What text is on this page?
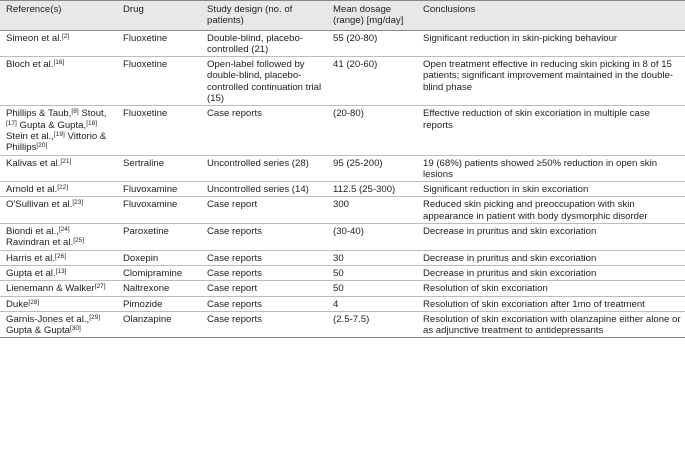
Reference(s)	Drug	Study design (no. of patients)	Mean dosage (range) [mg/day]	Conclusions
Simeon et al.[2]	Fluoxetine	Double-blind, placebo-controlled (21)	55 (20-80)	Significant reduction in skin-picking behaviour
Bloch et al.[16]	Fluoxetine	Open-label followed by double-blind, placebo-controlled continuation trial (15)	41 (20-60)	Open treatment effective in reducing skin picking in 8 of 15 patients; significant improvement maintained in the double-blind phase
Phillips & Taub,[8] Stout,[17] Gupta & Gupta,[18] Stein et al.,[19] Vittorio & Phillips[20]	Fluoxetine	Case reports	(20-80)	Effective reduction of skin excoriation in multiple case reports
Kalivas et al.[21]	Sertraline	Uncontrolled series (28)	95 (25-200)	19 (68%) patients showed ≥50% reduction in open skin lesions
Arnold et al.[22]	Fluvoxamine	Uncontrolled series (14)	112.5 (25-300)	Significant reduction in skin excoriation
O'Sullivan et al.[23]	Fluvoxamine	Case report	300	Reduced skin picking and preoccupation with skin appearance in patient with body dysmorphic disorder
Biondi et al.,[24] Ravindran et al.[25]	Paroxetine	Case reports	(30-40)	Decrease in pruritus and skin excoriation
Harris et al.[26]	Doxepin	Case reports	30	Decrease in pruritus and skin excoriation
Gupta et al.[13]	Clomipramine	Case reports	50	Decrease in pruritus and skin excoriation
Lienemann & Walker[27]	Naltrexone	Case report	50	Resolution of skin excoriation
Duke[28]	Pimozide	Case reports	4	Resolution of skin excoriation after 1mo of treatment
Garnis-Jones et al.,[29] Gupta & Gupta[30]	Olanzapine	Case reports	(2.5-7.5)	Resolution of skin excoriation with olanzapine either alone or as adjunctive treatment to antidepressants
